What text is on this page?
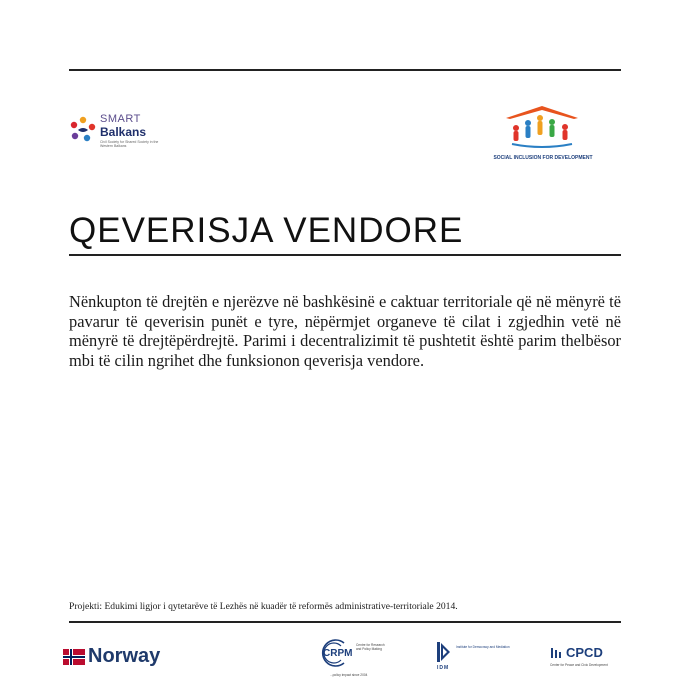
SMART
Balkans
Civil Society for Shared Society in the Western Balkans
SOCIAL INCLUSION FOR DEVELOPMENT
QEVERISJA VENDORE

Nënkupton të drejtën e njerëzve në bashkësinë e caktuar territoriale që në mënyrë të pavarur të qeverisin punët e tyre, nëpërmjet organeve të cilat i zgjedhin vetë në mënyrë të drejtëpërdrejtë. Parimi i decentralizimit të pushtetit është parim thelbësor mbi të cilin ngrihet dhe funksionon qeverisja vendore.

Projekti: Edukimi ligjor i qytetarëve të Lezhës në kuadër të reformës administrative-territoriale 2014.

Norway	CRPM
Centre for Research and Policy Making
...policy impact since 2004
IDM
Institute for Democracy and Mediation	CPCD
Center for Peace and Civic Development
